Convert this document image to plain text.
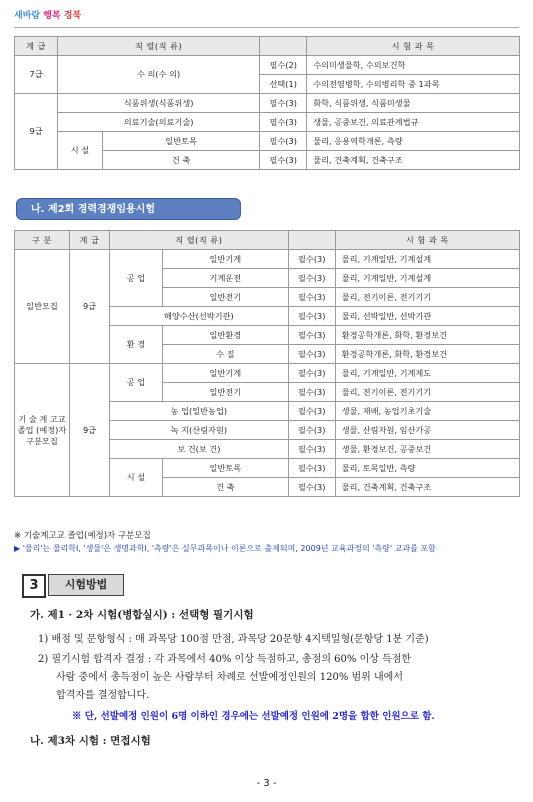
새바람 행복 경북
계 급	직 렬(직 류)			시 험 과 목
7급	수 의(수 의)		필수(2)	수의미생물학, 수의보건학
			선택(1)	수의전염병학, 수의병리학 중 1과목
9급	식품위생(식품위생)		필수(3)	화학, 식품위생, 식품미생물
	의료기술(의료기술)		필수(3)	생물, 공중보건, 의료관계법규
	시 설	일반토목	필수(3)	물리, 응용역학개론, 측량
		건 축	필수(3)	물리, 건축계획, 건축구조
나. 제2회 경력경쟁임용시험
구 분	계 급	직 렬(직 류)			시 험 과 목
일반모집	9급	공 업	일반기계	필수(3)	물리, 기계일반, 기계설계
			기계운전	필수(3)	물리, 기계일반, 기계설계
			일반전기	필수(3)	물리, 전기이론, 전기기기
		해양수산(선박기관)		필수(3)	물리, 선박일반, 선박기관
		환 경	일반환경	필수(3)	환경공학개론, 화학, 환경보건
			수 질	필수(3)	환경공학개론, 화학, 환경보건
기 술 계 고교졸업 (예정)자 구분모집	9급	공 업	일반기계	필수(3)	물리, 기계일반, 기계제도
			일반전기	필수(3)	물리, 전기이론, 전기기기
		농 업(일반농업)		필수(3)	생물, 재배, 농업기초기술
		녹 지(산림자원)		필수(3)	생물, 산림자원, 임산가공
		보 건(보 건)		필수(3)	생물, 환경보건, 공중보건
		시 설	일반토목	필수(3)	물리, 토목일반, 측량
			건 축	필수(3)	물리, 건축계획, 건축구조
※ 기술계고교 졸업(예정)자 구분모집
▶ '물리'는 물리학Ⅰ, '생물'은 생명과학Ⅰ, '측량'은 실무과목이나 이론으로 출제되며, 2009년 교육과정의 '측량' 교과를 포함
3	시험방법
가. 제1 · 2차 시험(병합실시) : 선택형 필기시험
1) 배점 및 문항형식 : 매 과목당 100점 만점, 과목당 20문항 4지택일형(문항당 1분 기준)
2) 필기시험 합격자 결정 : 각 과목에서 40% 이상 득점하고, 총점의 60% 이상 득점한
사람 중에서 총득점이 높은 사람부터 차례로 선발예정인원의 120% 범위 내에서
합격자를 결정합니다.
※ 단, 선발예정 인원이 6명 이하인 경우에는 선발예정 인원에 2명을 합한 인원으로 함.
나. 제3차 시험 : 면접시험
- 3 -
